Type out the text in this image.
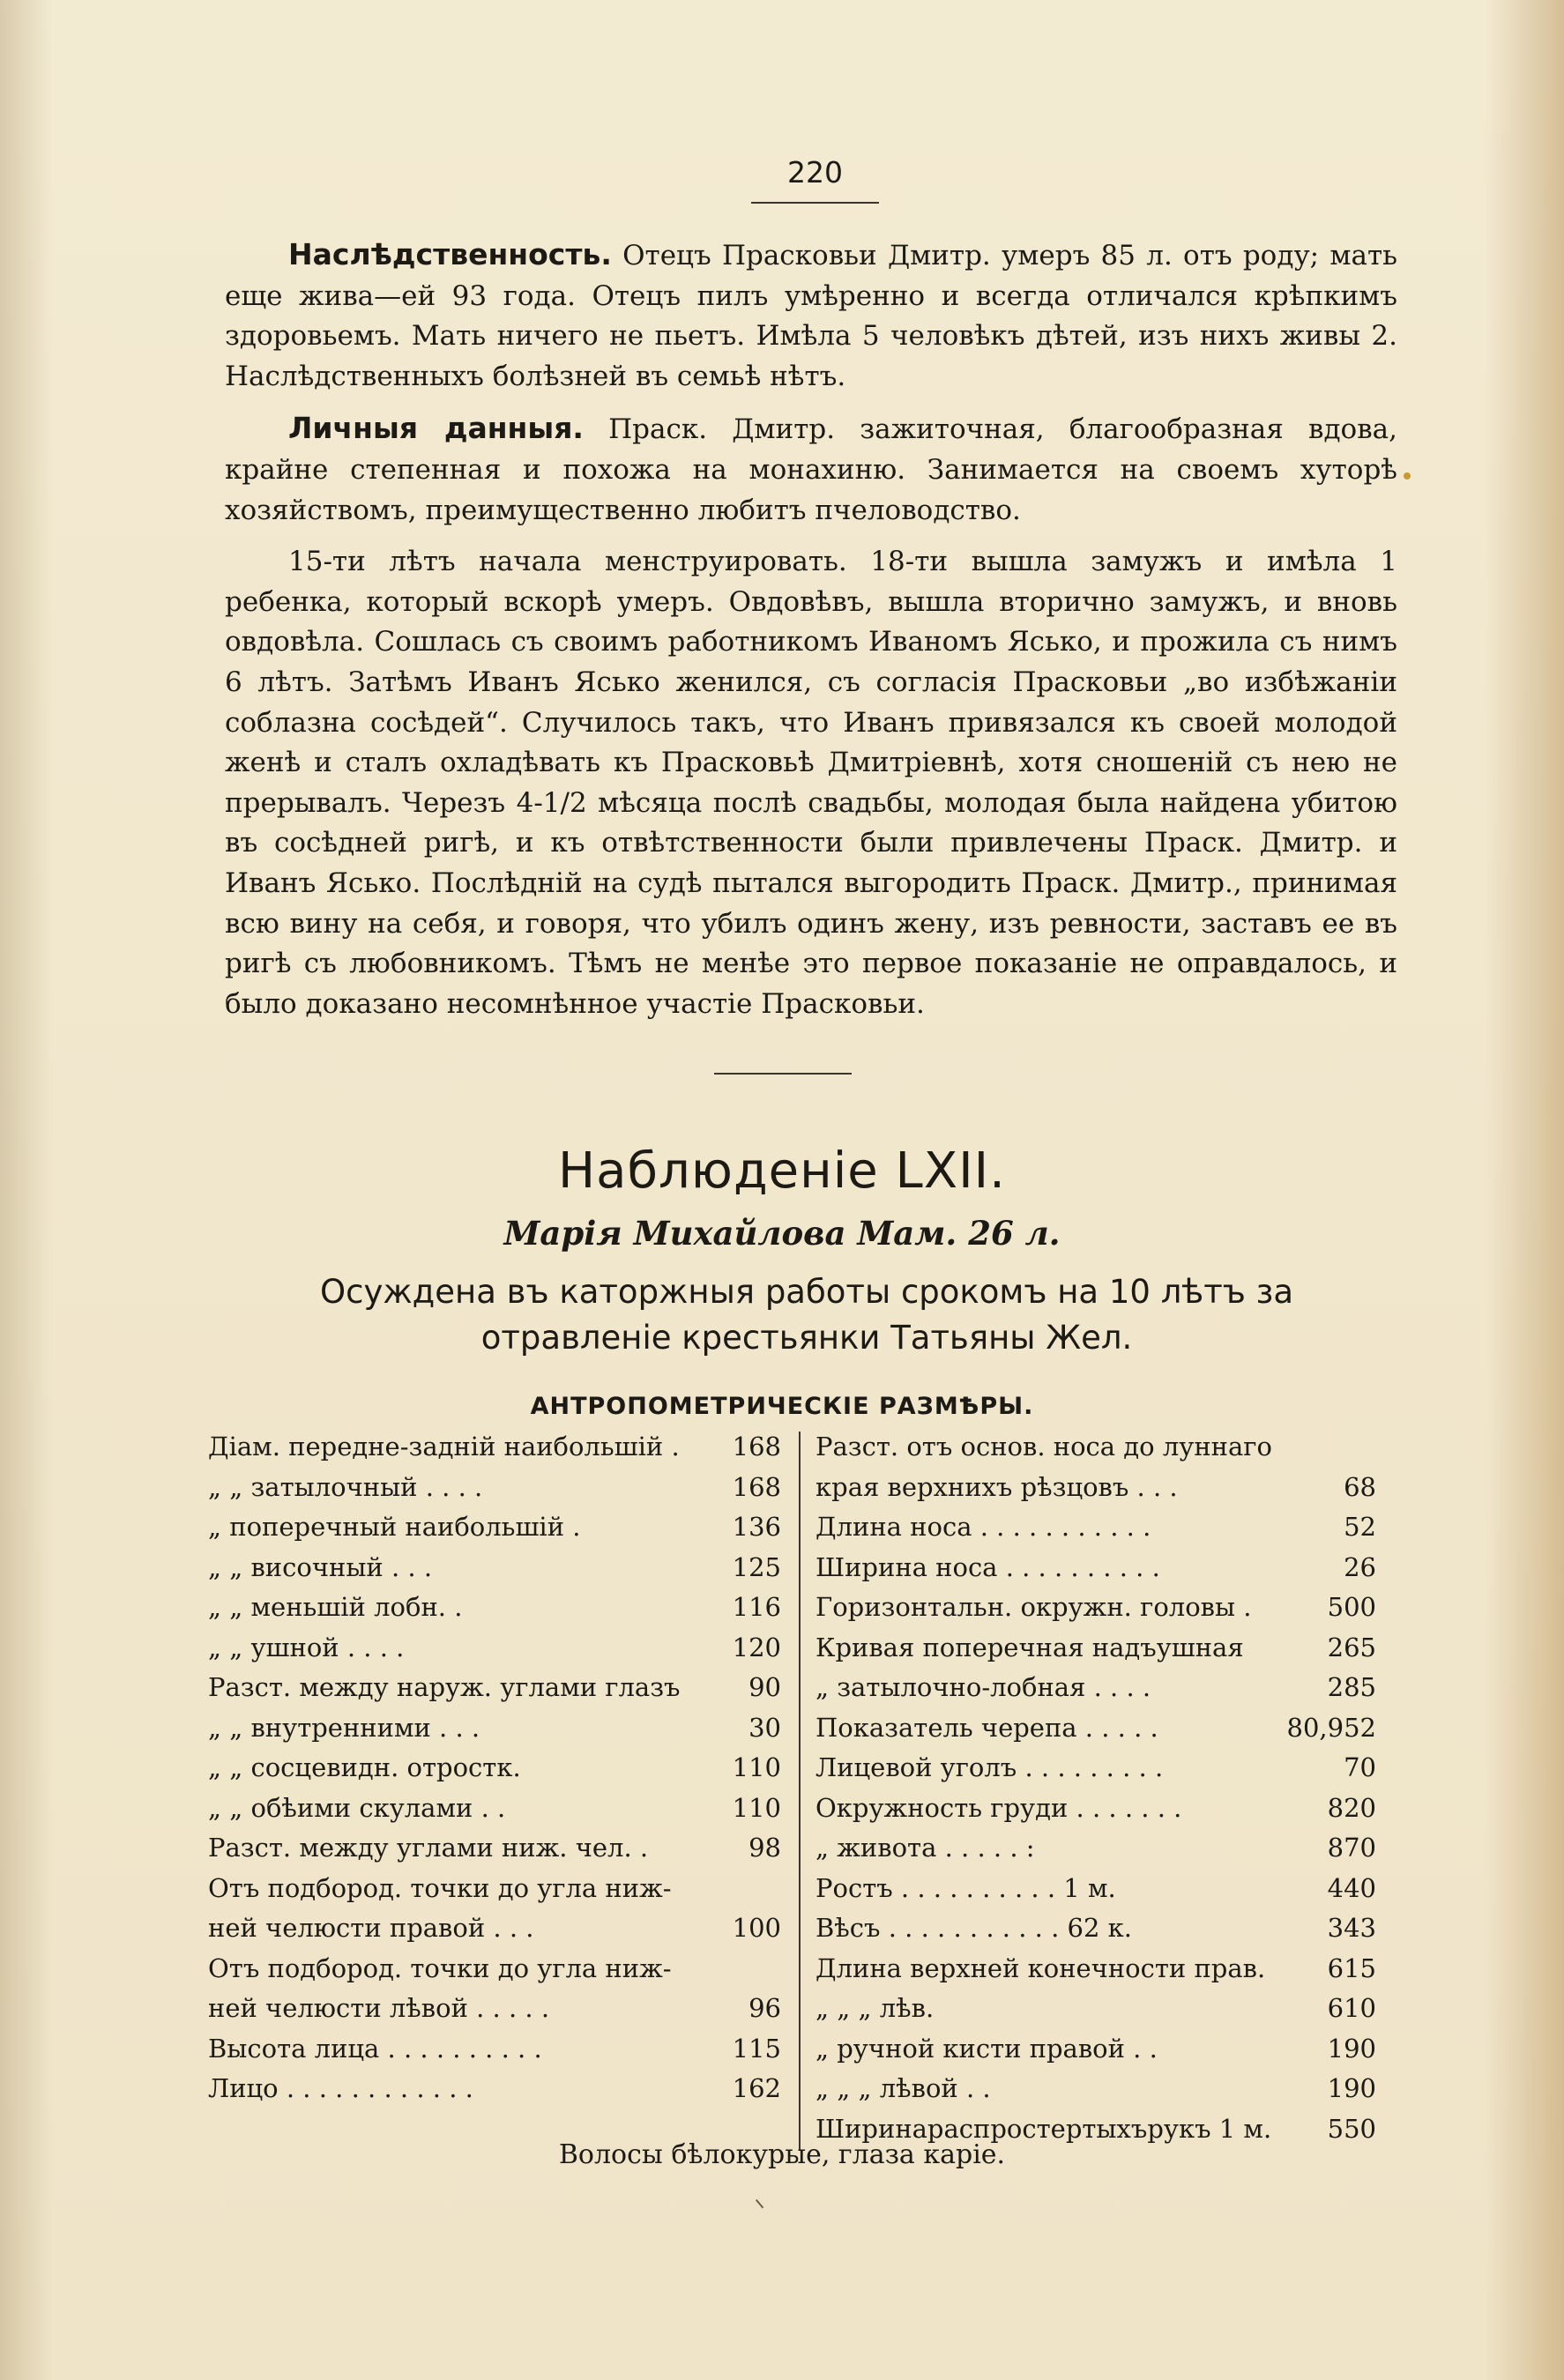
220

Наслѣдственность. Отецъ Прасковьи Дмитр. умеръ 85 л. отъ роду; мать еще жива—ей 93 года. Отецъ пилъ умѣренно и всегда отличался крѣпкимъ здоровьемъ. Мать ничего не пьетъ. Имѣла 5 человѣкъ дѣтей, изъ нихъ живы 2. Наслѣдственныхъ болѣзней въ семьѣ нѣтъ.

Личныя данныя. Праск. Дмитр. зажиточная, благообразная вдова, крайне степенная и похожа на монахиню. Занимается на своемъ хуторѣ хозяйствомъ, преимущественно любитъ пчеловодство.

15-ти лѣтъ начала менструировать. 18-ти вышла замужъ и имѣла 1 ребенка, который вскорѣ умеръ. Овдовѣвъ, вышла вторично замужъ, и вновь овдовѣла. Сошлась съ своимъ работникомъ Иваномъ Ясько, и прожила съ нимъ 6 лѣтъ. Затѣмъ Иванъ Ясько женился, съ согласія Прасковьи „во избѣжаніи соблазна сосѣдей“. Случилось такъ, что Иванъ привязался къ своей молодой женѣ и сталъ охладѣвать къ Прасковьѣ Дмитріевнѣ, хотя сношеній съ нею не прерывалъ. Черезъ 4-1/2 мѣсяца послѣ свадьбы, молодая была найдена убитою въ сосѣдней ригѣ, и къ отвѣтственности были привлечены Праск. Дмитр. и Иванъ Ясько. Послѣдній на судѣ пытался выгородить Праск. Дмитр., принимая всю вину на себя, и говоря, что убилъ одинъ жену, изъ ревности, заставъ ее въ ригѣ съ любовникомъ. Тѣмъ не менѣе это первое показаніе не оправдалось, и было доказано несомнѣнное участіе Прасковьи.

Наблюденіе LXII.
Марія Михайлова Мам. 26 л.
Осуждена въ каторжныя работы срокомъ на 10 лѣтъ за отравленіе крестьянки Татьяны Жел.
АНТРОПОМЕТРИЧЕСКІЕ РАЗМѢРЫ.
Діам. передне-заднiй наибольшiй .	168
„ „ затылочный . . . .	168
„ поперечный наибольшiй .	136
„ „ височный . . .	125
„ „ меньшiй лобн. .	116
„ „ ушной . . . .	120
Разст. между наруж. углами глазъ	90
„ „ внутренними . . .	30
„ „ сосцевидн. отростк.	110
„ „ обѣими скулами . .	110
Разст. между углами ниж. чел. .	98
Отъ подбород. точки до угла ниж-
ней челюсти правой . . .	100
Отъ подбород. точки до угла ниж-
ней челюсти лѣвой . . . . .	96
Высота лица . . . . . . . . . .	115
Лицо . . . . . . . . . . . .	162
Разст. отъ основ. носа до луннаго
края верхнихъ рѣзцовъ . . .	68
Длина носа . . . . . . . . . . .	52
Ширина носа . . . . . . . . . .	26
Горизонтальн. окружн. головы .	500
Кривая поперечная надъушная	265
„ затылочно-лобная . . . .	285
Показатель черепа . . . . .	80,952
Лицевой уголъ . . . . . . . . .	70
Окружность груди . . . . . . .	820
„ живота . . . . . :	870
Ростъ . . . . . . . . . . 1 м.	440
Вѣсъ . . . . . . . . . . . 62 к.	343
Длина верхней конечности прав.	615
„ „ „ лѣв.	610
„ ручной кисти правой . .	190
„ „ „ лѣвой . .	190
Ширинараспростертыхърукъ 1 м.	550
Волосы бѣлокурые, глаза каріе.
